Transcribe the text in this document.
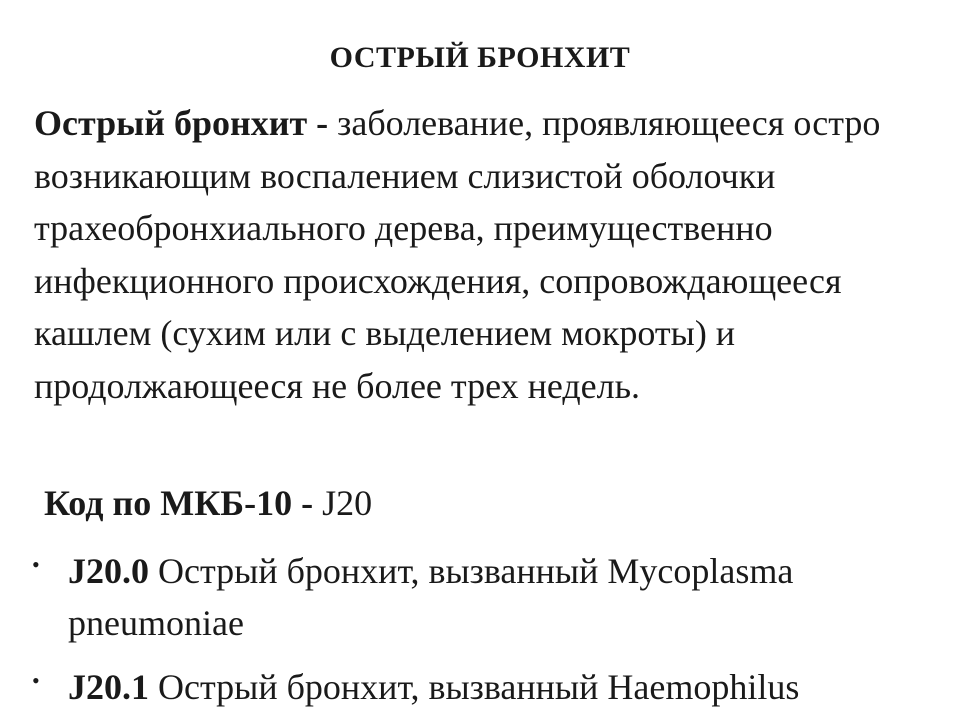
ОСТРЫЙ БРОНХИТ

Острый бронхит - заболевание, проявляющееся остро возникающим воспалением слизистой оболочки трахеобронхиального дерева, преимущественно инфекционного происхождения, сопровождающееся кашлем (сухим или с выделением мокроты) и продолжающееся не более трех недель.

Код по МКБ-10 - J20

• J20.0 Острый бронхит, вызванный Mycoplasma pneumoniae
• J20.1 Острый бронхит, вызванный Haemophilus
